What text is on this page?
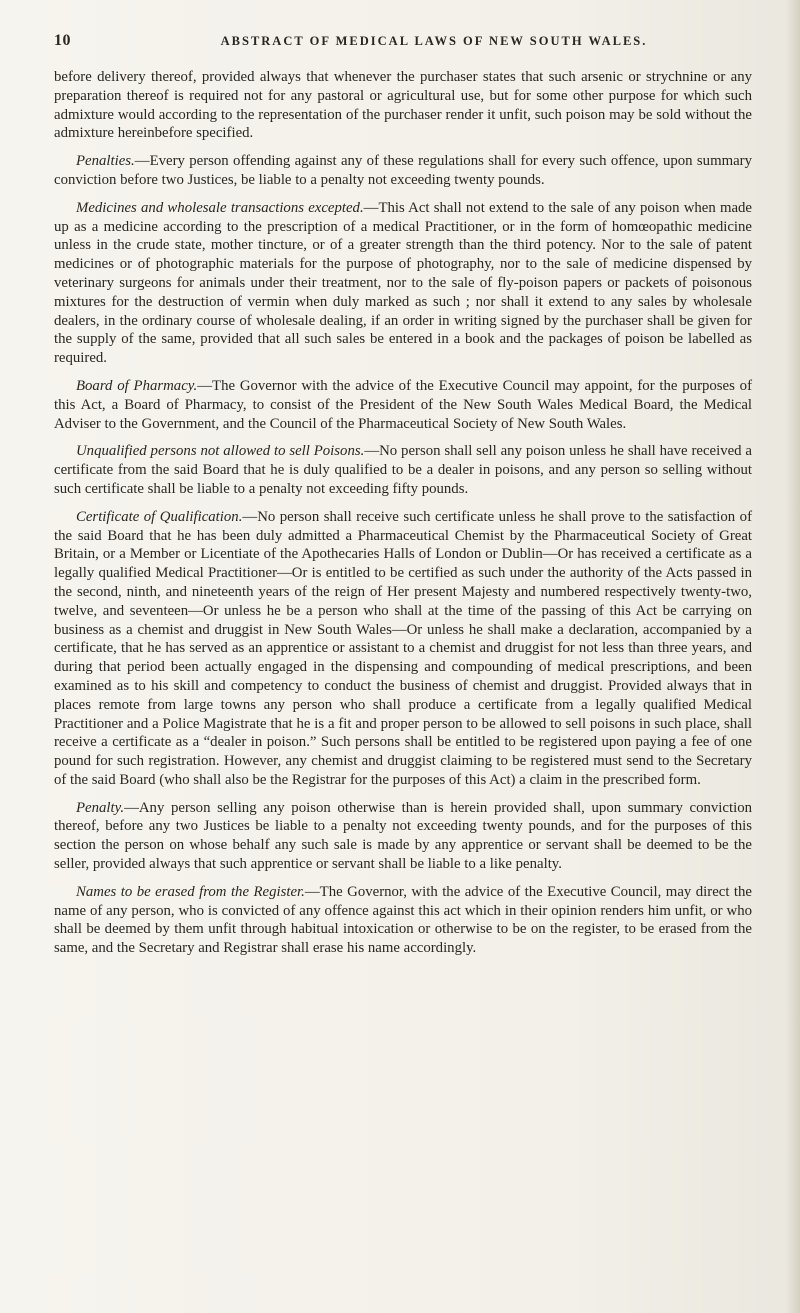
10	ABSTRACT OF MEDICAL LAWS OF NEW SOUTH WALES.

before delivery thereof, provided always that whenever the purchaser states that such arsenic or strychnine or any preparation thereof is required not for any pastoral or agricultural use, but for some other purpose for which such admixture would according to the representation of the purchaser render it unfit, such poison may be sold without the admixture hereinbefore specified.

Penalties.—Every person offending against any of these regulations shall for every such offence, upon summary conviction before two Justices, be liable to a penalty not exceeding twenty pounds.

Medicines and wholesale transactions excepted.—This Act shall not extend to the sale of any poison when made up as a medicine according to the prescription of a medical Practitioner, or in the form of homœopathic medicine unless in the crude state, mother tincture, or of a greater strength than the third potency. Nor to the sale of patent medicines or of photographic materials for the purpose of photography, nor to the sale of medicine dispensed by veterinary surgeons for animals under their treatment, nor to the sale of fly-poison papers or packets of poisonous mixtures for the destruction of vermin when duly marked as such ; nor shall it extend to any sales by wholesale dealers, in the ordinary course of wholesale dealing, if an order in writing signed by the purchaser shall be given for the supply of the same, provided that all such sales be entered in a book and the packages of poison be labelled as required.

Board of Pharmacy.—The Governor with the advice of the Executive Council may appoint, for the purposes of this Act, a Board of Pharmacy, to consist of the President of the New South Wales Medical Board, the Medical Adviser to the Government, and the Council of the Pharmaceutical Society of New South Wales.

Unqualified persons not allowed to sell Poisons.—No person shall sell any poison unless he shall have received a certificate from the said Board that he is duly qualified to be a dealer in poisons, and any person so selling without such certificate shall be liable to a penalty not exceeding fifty pounds.

Certificate of Qualification.—No person shall receive such certificate unless he shall prove to the satisfaction of the said Board that he has been duly admitted a Pharmaceutical Chemist by the Pharmaceutical Society of Great Britain, or a Member or Licentiate of the Apothecaries Halls of London or Dublin—Or has received a certificate as a legally qualified Medical Practitioner—Or is entitled to be certified as such under the authority of the Acts passed in the second, ninth, and nineteenth years of the reign of Her present Majesty and numbered respectively twenty-two, twelve, and seventeen—Or unless he be a person who shall at the time of the passing of this Act be carrying on business as a chemist and druggist in New South Wales—Or unless he shall make a declaration, accompanied by a certificate, that he has served as an apprentice or assistant to a chemist and druggist for not less than three years, and during that period been actually engaged in the dispensing and compounding of medical prescriptions, and been examined as to his skill and competency to conduct the business of chemist and druggist. Provided always that in places remote from large towns any person who shall produce a certificate from a legally qualified Medical Practitioner and a Police Magistrate that he is a fit and proper person to be allowed to sell poisons in such place, shall receive a certificate as a “dealer in poison.” Such persons shall be entitled to be registered upon paying a fee of one pound for such registration. However, any chemist and druggist claiming to be registered must send to the Secretary of the said Board (who shall also be the Registrar for the purposes of this Act) a claim in the prescribed form.

Penalty.—Any person selling any poison otherwise than is herein provided shall, upon summary conviction thereof, before any two Justices be liable to a penalty not exceeding twenty pounds, and for the purposes of this section the person on whose behalf any such sale is made by any apprentice or servant shall be deemed to be the seller, provided always that such apprentice or servant shall be liable to a like penalty.

Names to be erased from the Register.—The Governor, with the advice of the Executive Council, may direct the name of any person, who is convicted of any offence against this act which in their opinion renders him unfit, or who shall be deemed by them unfit through habitual intoxication or otherwise to be on the register, to be erased from the same, and the Secretary and Registrar shall erase his name accordingly.
